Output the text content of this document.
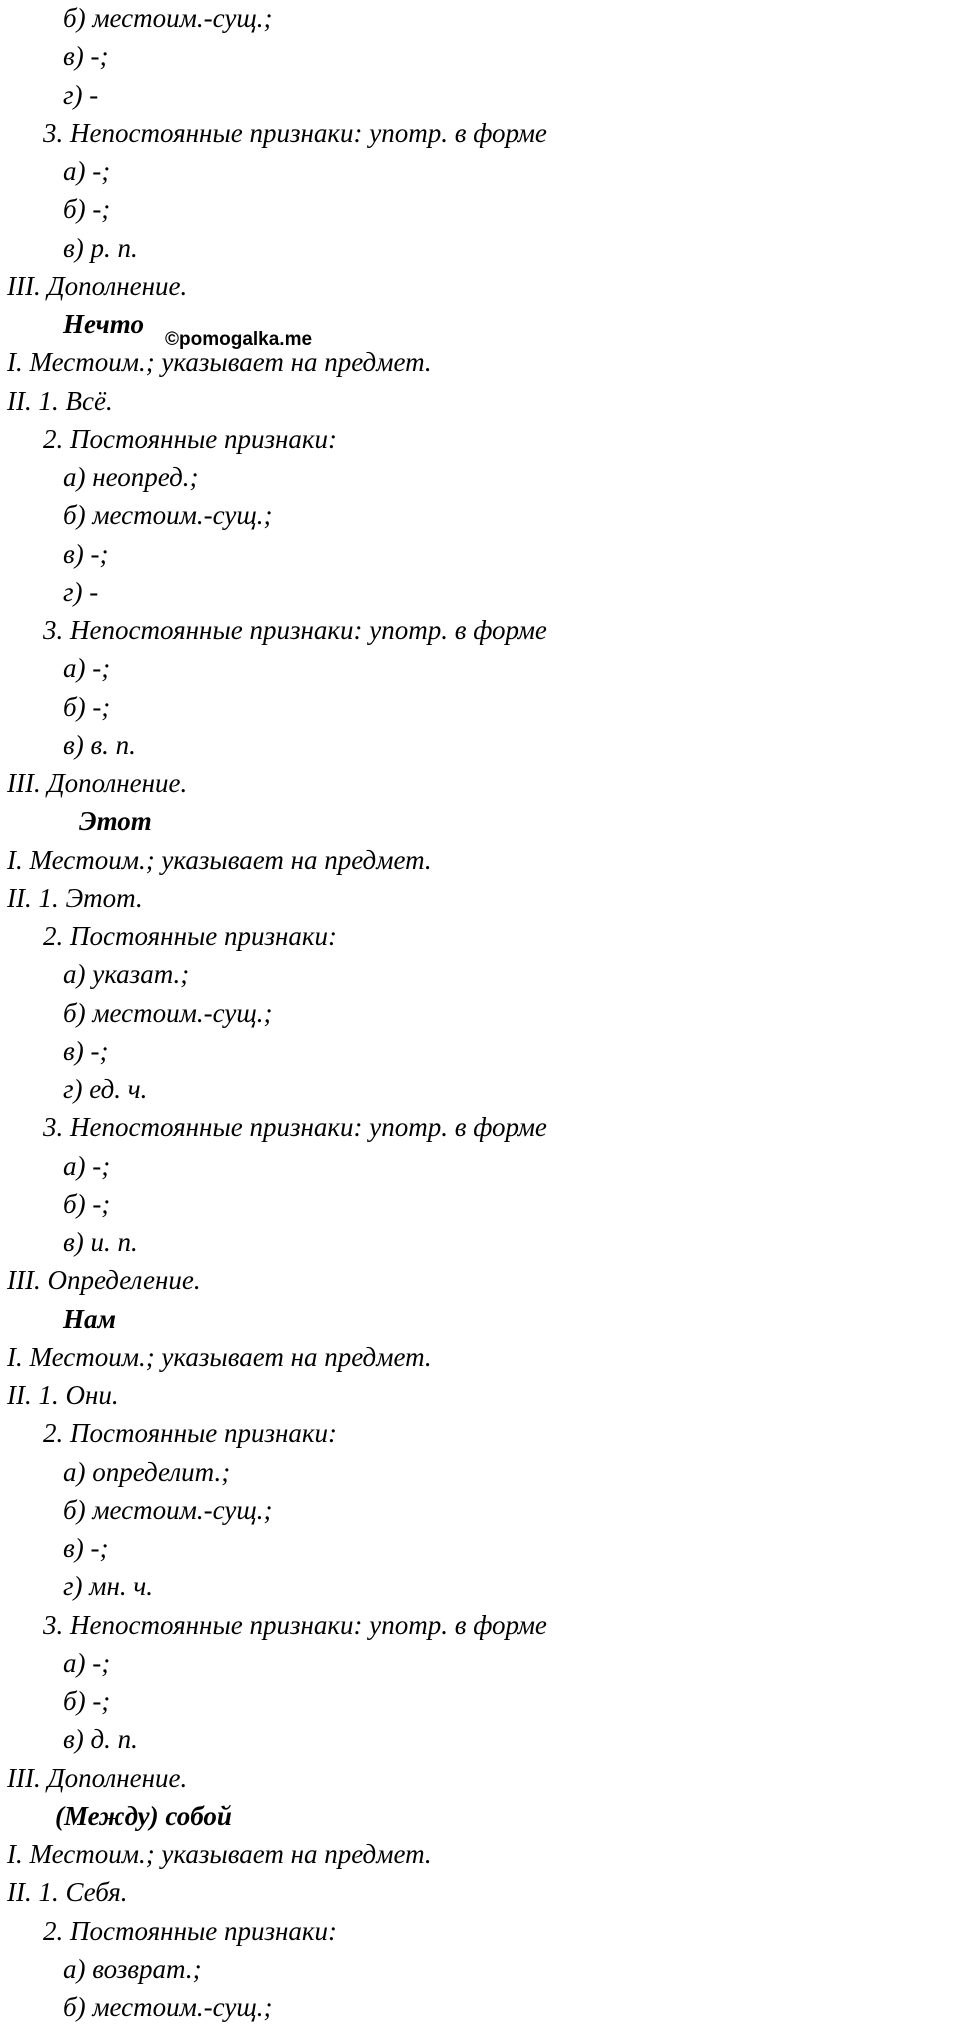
©pomogalka.me
б) местоим.-сущ.;
в) -;
г) -
3. Непостоянные признаки: употр. в форме
а) -;
б) -;
в) р. п.
III. Дополнение.
Нечто
I. Местоим.; указывает на предмет.
II. 1. Всё.
2. Постоянные признаки:
а) неопред.;
б) местоим.-сущ.;
в) -;
г) -
3. Непостоянные признаки: употр. в форме
а) -;
б) -;
в) в. п.
III. Дополнение.
Этот
I. Местоим.; указывает на предмет.
II. 1. Этот.
2. Постоянные признаки:
а) указат.;
б) местоим.-сущ.;
в) -;
г) ед. ч.
3. Непостоянные признаки: употр. в форме
а) -;
б) -;
в) и. п.
III. Определение.
Нам
I. Местоим.; указывает на предмет.
II. 1. Они.
2. Постоянные признаки:
а) определит.;
б) местоим.-сущ.;
в) -;
г) мн. ч.
3. Непостоянные признаки: употр. в форме
а) -;
б) -;
в) д. п.
III. Дополнение.
(Между) собой
I. Местоим.; указывает на предмет.
II. 1. Себя.
2. Постоянные признаки:
а) возврат.;
б) местоим.-сущ.;
